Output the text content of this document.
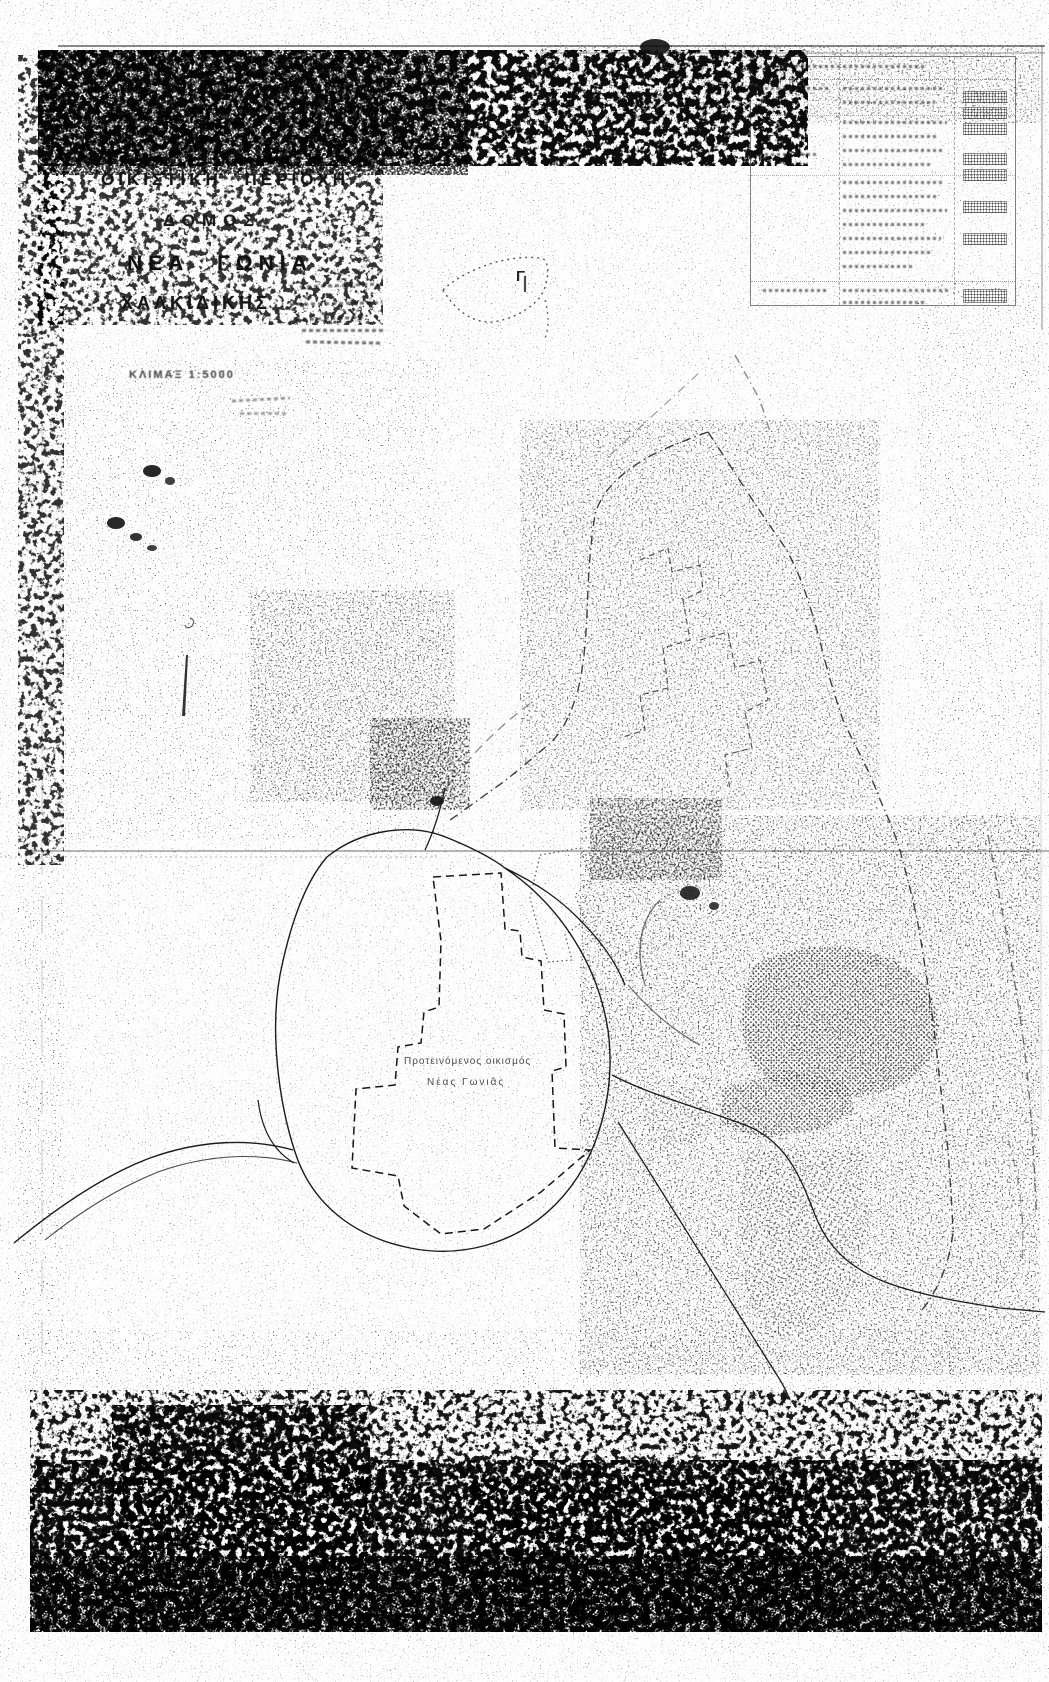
ΟΙΚΙΣΤΙΚΗ ΠΕΡΙΟΧΗ
ΔΟΜΟΣ
ΝΕΑ ΓΩΝΙΑ
ΧΑΛΚΙΔΙΚΗΣ
ΚΛΙΜΑΞ 1:5000
Γ
Προτεινόμενος οικισμός
Νέας Γωνιᾶς
